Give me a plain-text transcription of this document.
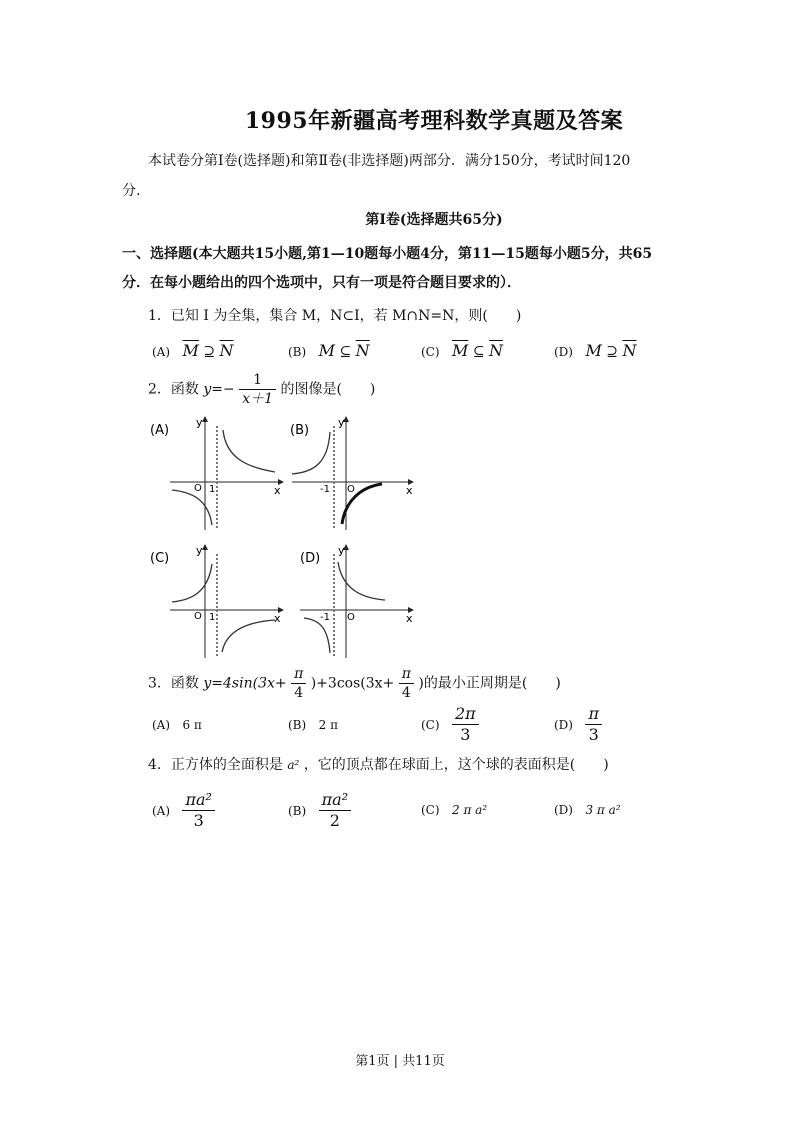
1995年新疆高考理科数学真题及答案
本试卷分第Ⅰ卷(选择题)和第Ⅱ卷(非选择题)两部分．满分150分，考试时间120
分.
第Ⅰ卷(选择题共65分)
一、选择题(本大题共15小题,第1—10题每小题4分，第11—15题每小题5分，共65
分．在每小题给出的四个选项中，只有一项是符合题目要求的）．
1．已知 I 为全集，集合 M，N⊂I，若 M∩N=N，则(　　)
(A) $\overline{M}$ ⊇ $\overline{N}$	(B) M ⊆ $\overline{N}$	(C) $\overline{M}$ ⊆ $\overline{N}$	(D) M ⊇ $\overline{N}$
2．函数 $y=- \frac{1}{x+1}$ 的图像是(　　)
(A)
O 1
y
x
(B)
-1 O
y
x
(C)
O 1
y
x
(D)
-1 O
y
x
3．函数 $y=4\sin(3x+ \frac{\pi}{4} )+3\cos(3x+ \frac{\pi}{4}$ )的最小正周期是(　　)
(A) 6 π	(B) 2 π	$(C) \frac{2\pi}{3}$	$(D) \frac{\pi}{3}$
4．正方体的全面积是 a² ，它的顶点都在球面上，这个球的表面积是(　　)
$(A) \frac{\text{πa²}}{3}$	$(B) \frac{\text{πa²}}{2}$	(C) 2 π a²	(D) 3 π a²
第1页 | 共11页
